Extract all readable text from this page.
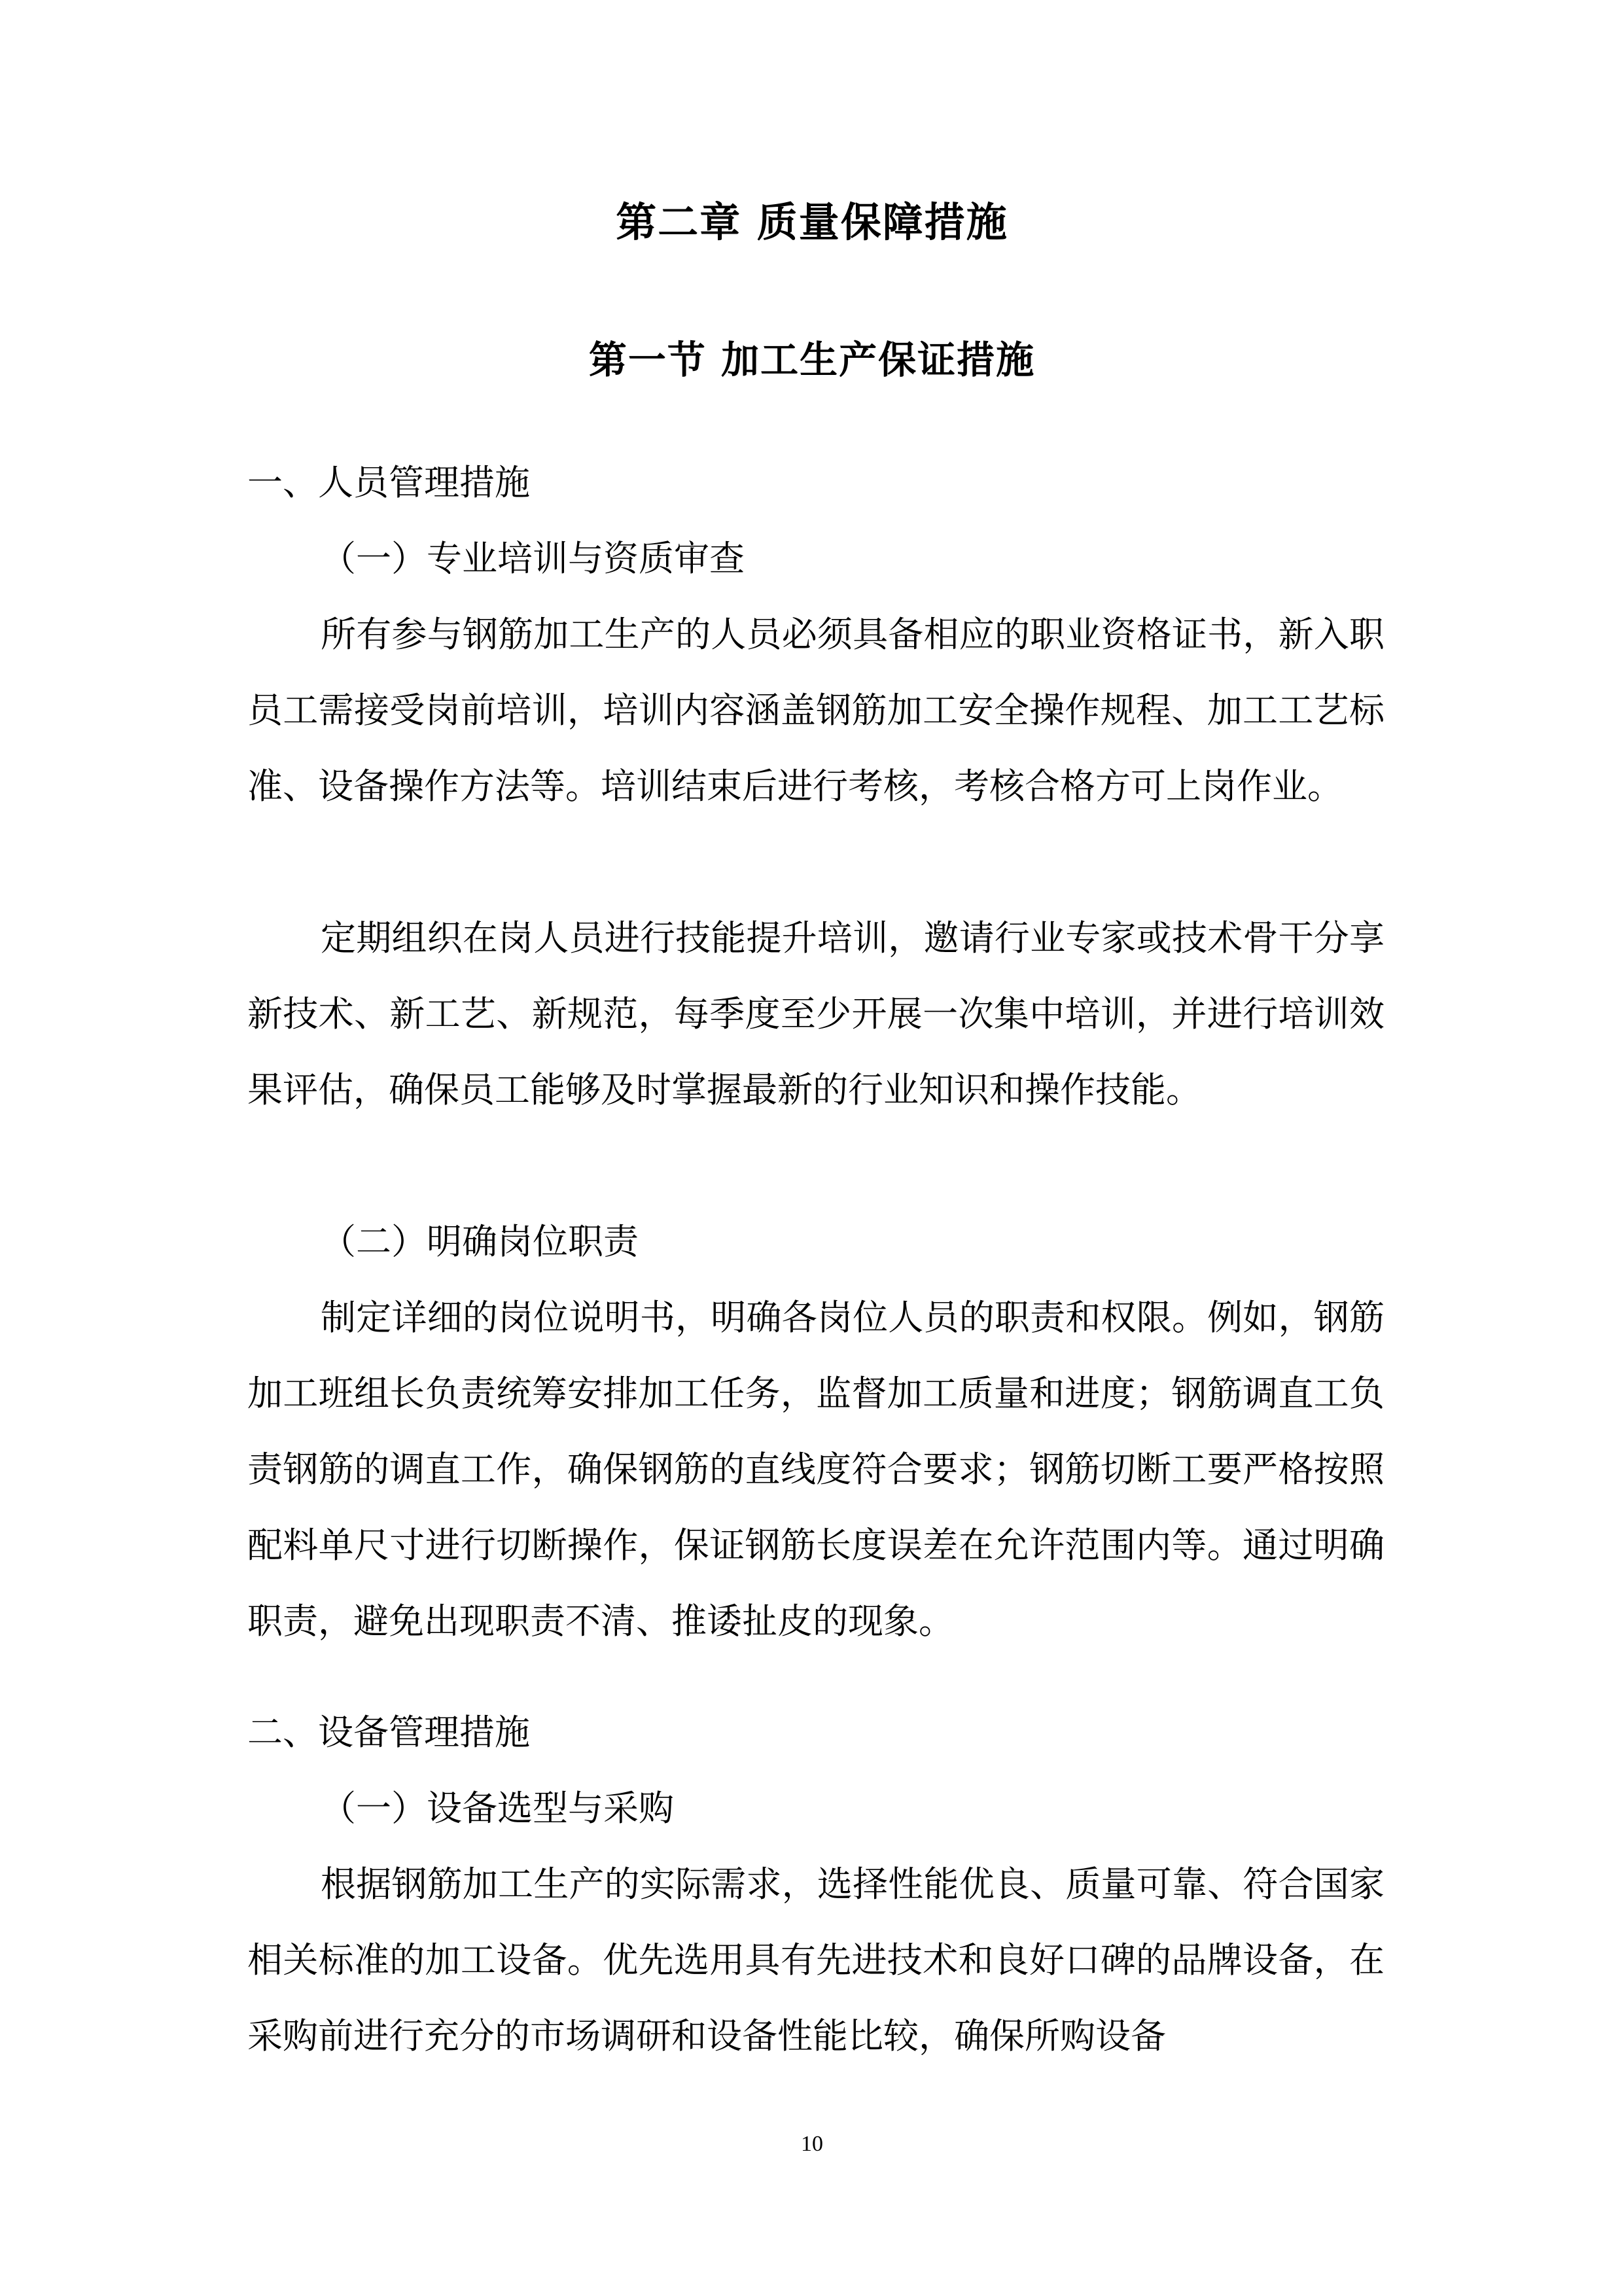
第二章 质量保障措施
第一节 加工生产保证措施
一、人员管理措施
（一）专业培训与资质审查

所有参与钢筋加工生产的人员必须具备相应的职业资格证书，新入职员工需接受岗前培训，培训内容涵盖钢筋加工安全操作规程、加工工艺标准、设备操作方法等。培训结束后进行考核，考核合格方可上岗作业。

定期组织在岗人员进行技能提升培训，邀请行业专家或技术骨干分享新技术、新工艺、新规范，每季度至少开展一次集中培训，并进行培训效果评估，确保员工能够及时掌握最新的行业知识和操作技能。

（二）明确岗位职责

制定详细的岗位说明书，明确各岗位人员的职责和权限。例如，钢筋加工班组长负责统筹安排加工任务，监督加工质量和进度；钢筋调直工负责钢筋的调直工作，确保钢筋的直线度符合要求；钢筋切断工要严格按照配料单尺寸进行切断操作，保证钢筋长度误差在允许范围内等。通过明确职责，避免出现职责不清、推诿扯皮的现象。

二、设备管理措施
（一）设备选型与采购

根据钢筋加工生产的实际需求，选择性能优良、质量可靠、符合国家相关标准的加工设备。优先选用具有先进技术和良好口碑的品牌设备，在采购前进行充分的市场调研和设备性能比较，确保所购设备

10
